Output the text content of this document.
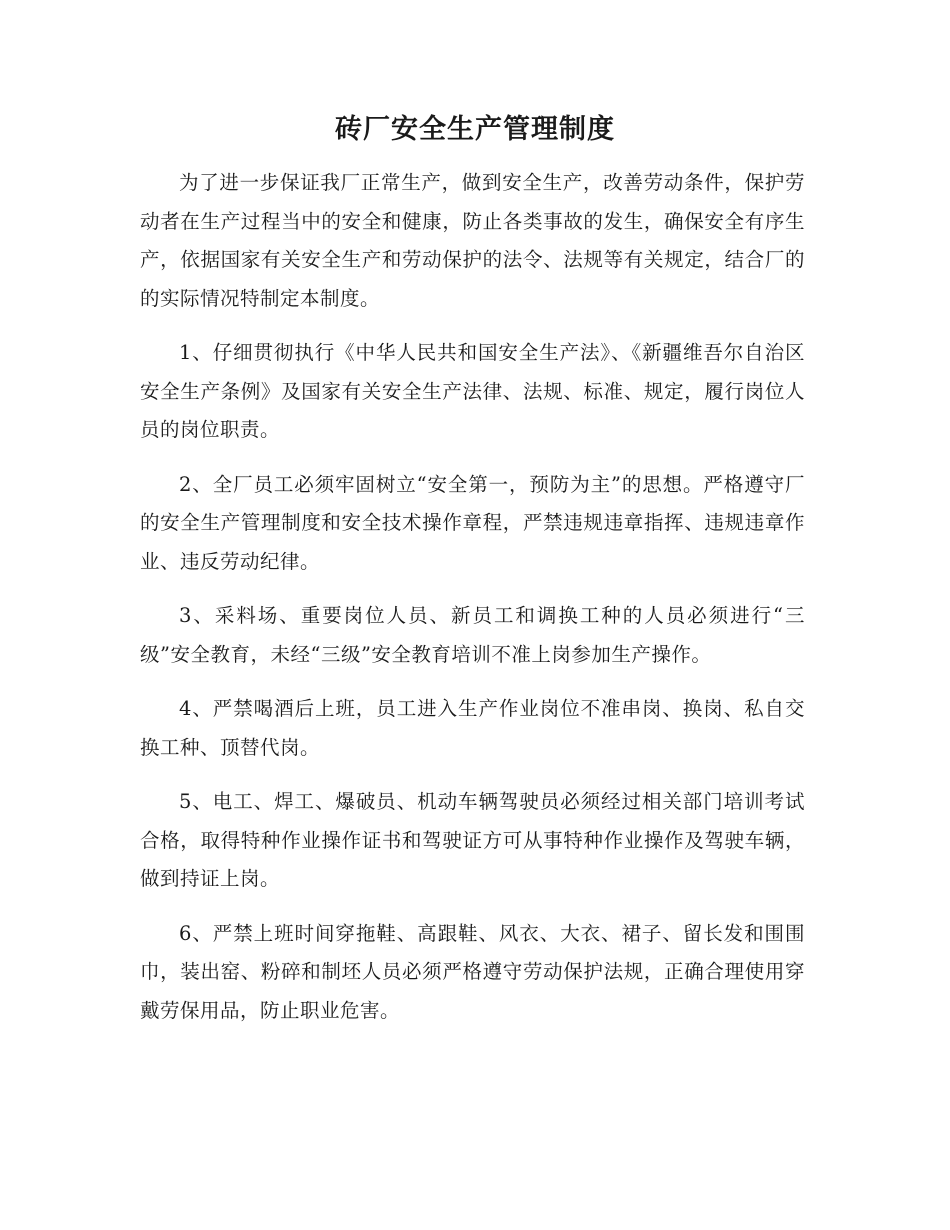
砖厂安全生产管理制度

为了进一步保证我厂正常生产，做到安全生产，改善劳动条件，保护劳动者在生产过程当中的安全和健康，防止各类事故的发生，确保安全有序生产，依据国家有关安全生产和劳动保护的法令、法规等有关规定，结合厂的的实际情况特制定本制度。

1、仔细贯彻执行《中华人民共和国安全生产法》、《新疆维吾尔自治区安全生产条例》及国家有关安全生产法律、法规、标准、规定，履行岗位人员的岗位职责。

2、全厂员工必须牢固树立“安全第一，预防为主”的思想。严格遵守厂的安全生产管理制度和安全技术操作章程，严禁违规违章指挥、违规违章作业、违反劳动纪律。

3、采料场、重要岗位人员、新员工和调换工种的人员必须进行“三级”安全教育，未经“三级”安全教育培训不准上岗参加生产操作。

4、严禁喝酒后上班，员工进入生产作业岗位不准串岗、换岗、私自交换工种、顶替代岗。

5、电工、焊工、爆破员、机动车辆驾驶员必须经过相关部门培训考试合格，取得特种作业操作证书和驾驶证方可从事特种作业操作及驾驶车辆，做到持证上岗。

6、严禁上班时间穿拖鞋、高跟鞋、风衣、大衣、裙子、留长发和围围巾，装出窑、粉碎和制坯人员必须严格遵守劳动保护法规，正确合理使用穿戴劳保用品，防止职业危害。
